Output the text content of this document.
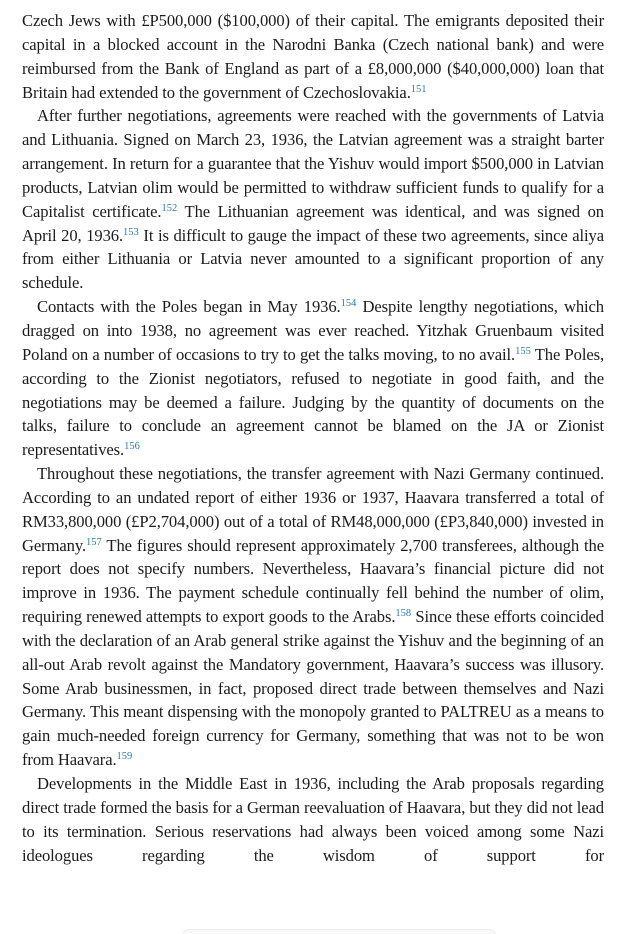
Czech Jews with £P500,000 ($100,000) of their capital. The emigrants deposited their capital in a blocked account in the Narodni Banka (Czech national bank) and were reimbursed from the Bank of England as part of a £8,000,000 ($40,000,000) loan that Britain had extended to the government of Czechoslovakia.$^{151}$

After further negotiations, agreements were reached with the governments of Latvia and Lithuania. Signed on March 23, 1936, the Latvian agreement was a straight barter arrangement. In return for a guarantee that the Yishuv would import $500,000 in Latvian products, Latvian olim would be permitted to withdraw sufficient funds to qualify for a Capitalist certificate.$^{152}$ The Lithuanian agreement was identical, and was signed on April 20, 1936.$^{153}$ It is difficult to gauge the impact of these two agreements, since aliya from either Lithuania or Latvia never amounted to a significant proportion of any schedule.

Contacts with the Poles began in May 1936.$^{154}$ Despite lengthy negotiations, which dragged on into 1938, no agreement was ever reached. Yitzhak Gruenbaum visited Poland on a number of occasions to try to get the talks moving, to no avail.$^{155}$ The Poles, according to the Zionist negotiators, refused to negotiate in good faith, and the negotiations may be deemed a failure. Judging by the quantity of documents on the talks, failure to conclude an agreement cannot be blamed on the JA or Zionist representatives.$^{156}$

Throughout these negotiations, the transfer agreement with Nazi Germany continued. According to an undated report of either 1936 or 1937, Haavara transferred a total of RM33,800,000 (£P2,704,000) out of a total of RM48,000,000 (£P3,840,000) invested in Germany.$^{157}$ The figures should represent approximately 2,700 transferees, although the report does not specify numbers. Nevertheless, Haavara’s financial picture did not improve in 1936. The payment schedule continually fell behind the number of olim, requiring renewed attempts to export goods to the Arabs.$^{158}$ Since these efforts coincided with the declaration of an Arab general strike against the Yishuv and the beginning of an all-out Arab revolt against the Mandatory government, Haavara’s success was illusory. Some Arab businessmen, in fact, proposed direct trade between themselves and Nazi Germany. This meant dispensing with the monopoly granted to PALTREU as a means to gain much-needed foreign currency for Germany, something that was not to be won from Haavara.$^{159}$

Developments in the Middle East in 1936, including the Arab proposals regarding direct trade formed the basis for a German reevaluation of Haavara, but they did not lead to its termination. Serious reservations had always been voiced among some Nazi ideologues regarding the wisdom of support for
